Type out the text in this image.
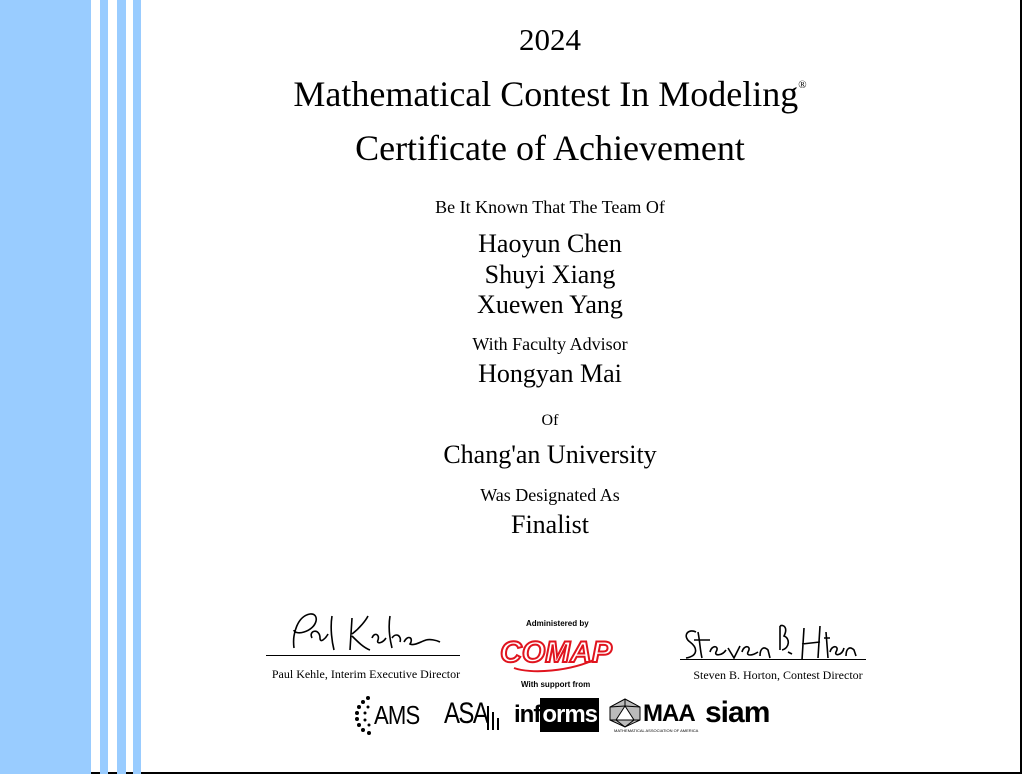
2024
Mathematical Contest In Modeling®
Certificate of Achievement
Be It Known That The Team Of
Haoyun Chen
Shuyi Xiang
Xuewen Yang
With Faculty Advisor
Hongyan Mai
Of
Chang'an University
Was Designated As
Finalist
Paul Kehle, Interim Executive Director	Steven B. Horton, Contest Director
Administered by
COMAP
With support from
AMS ASA inf orms MAA
MATHEMATICAL ASSOCIATION OF AMERICA
siam
